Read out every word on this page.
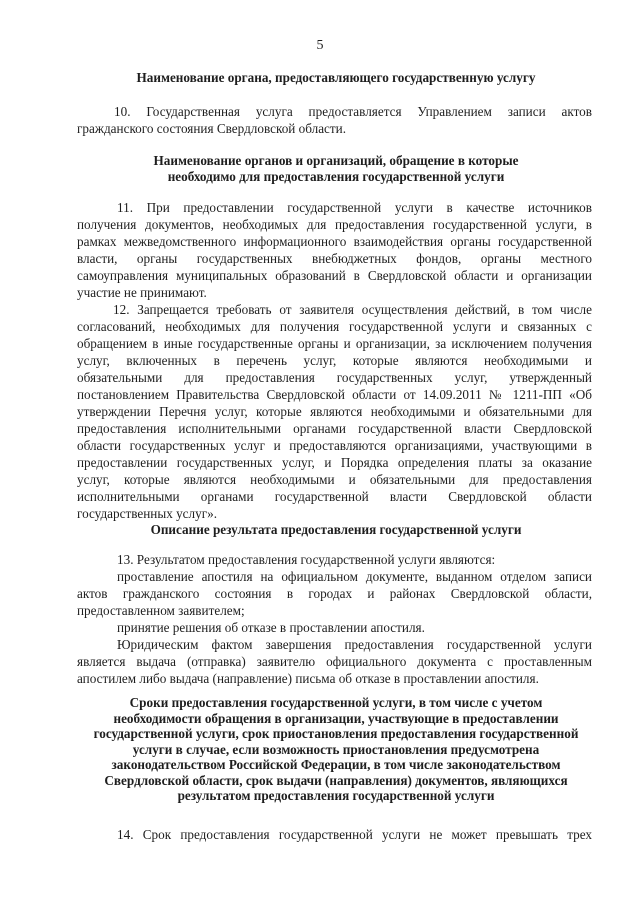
5
Наименование органа, предоставляющего государственную услугу
10. Государственная услуга предоставляется Управлением записи актов
гражданского состояния Свердловской области.
Наименование органов и организаций, обращение в которые
необходимо для предоставления государственной услуги
11. При предоставлении государственной услуги в качестве источников
получения документов, необходимых для предоставления государственной услуги, в
рамках межведомственного информационного взаимодействия органы государственной
власти, органы государственных внебюджетных фондов, органы местного
самоуправления муниципальных образований в Свердловской области и организации
участие не принимают.
12. Запрещается требовать от заявителя осуществления действий, в том числе
согласований, необходимых для получения государственной услуги и связанных с
обращением в иные государственные органы и организации, за исключением получения
услуг, включенных в перечень услуг, которые являются необходимыми и
обязательными для предоставления государственных услуг, утвержденный
постановлением Правительства Свердловской области от 14.09.2011 № 1211-ПП «Об
утверждении Перечня услуг, которые являются необходимыми и обязательными для
предоставления исполнительными органами государственной власти Свердловской
области государственных услуг и предоставляются организациями, участвующими в
предоставлении государственных услуг, и Порядка определения платы за оказание
услуг, которые являются необходимыми и обязательными для предоставления
исполнительными органами государственной власти Свердловской области
государственных услуг».
Описание результата предоставления государственной услуги
13. Результатом предоставления государственной услуги являются:
проставление апостиля на официальном документе, выданном отделом записи
актов гражданского состояния в городах и районах Свердловской области,
предоставленном заявителем;
принятие решения об отказе в проставлении апостиля.
Юридическим фактом завершения предоставления государственной услуги
является выдача (отправка) заявителю официального документа с проставленным
апостилем либо выдача (направление) письма об отказе в проставлении апостиля.
Сроки предоставления государственной услуги, в том числе с учетом
необходимости обращения в организации, участвующие в предоставлении
государственной услуги, срок приостановления предоставления государственной
услуги в случае, если возможность приостановления предусмотрена
законодательством Российской Федерации, в том числе законодательством
Свердловской области, срок выдачи (направления) документов, являющихся
результатом предоставления государственной услуги
14. Срок предоставления государственной услуги не может превышать трех
